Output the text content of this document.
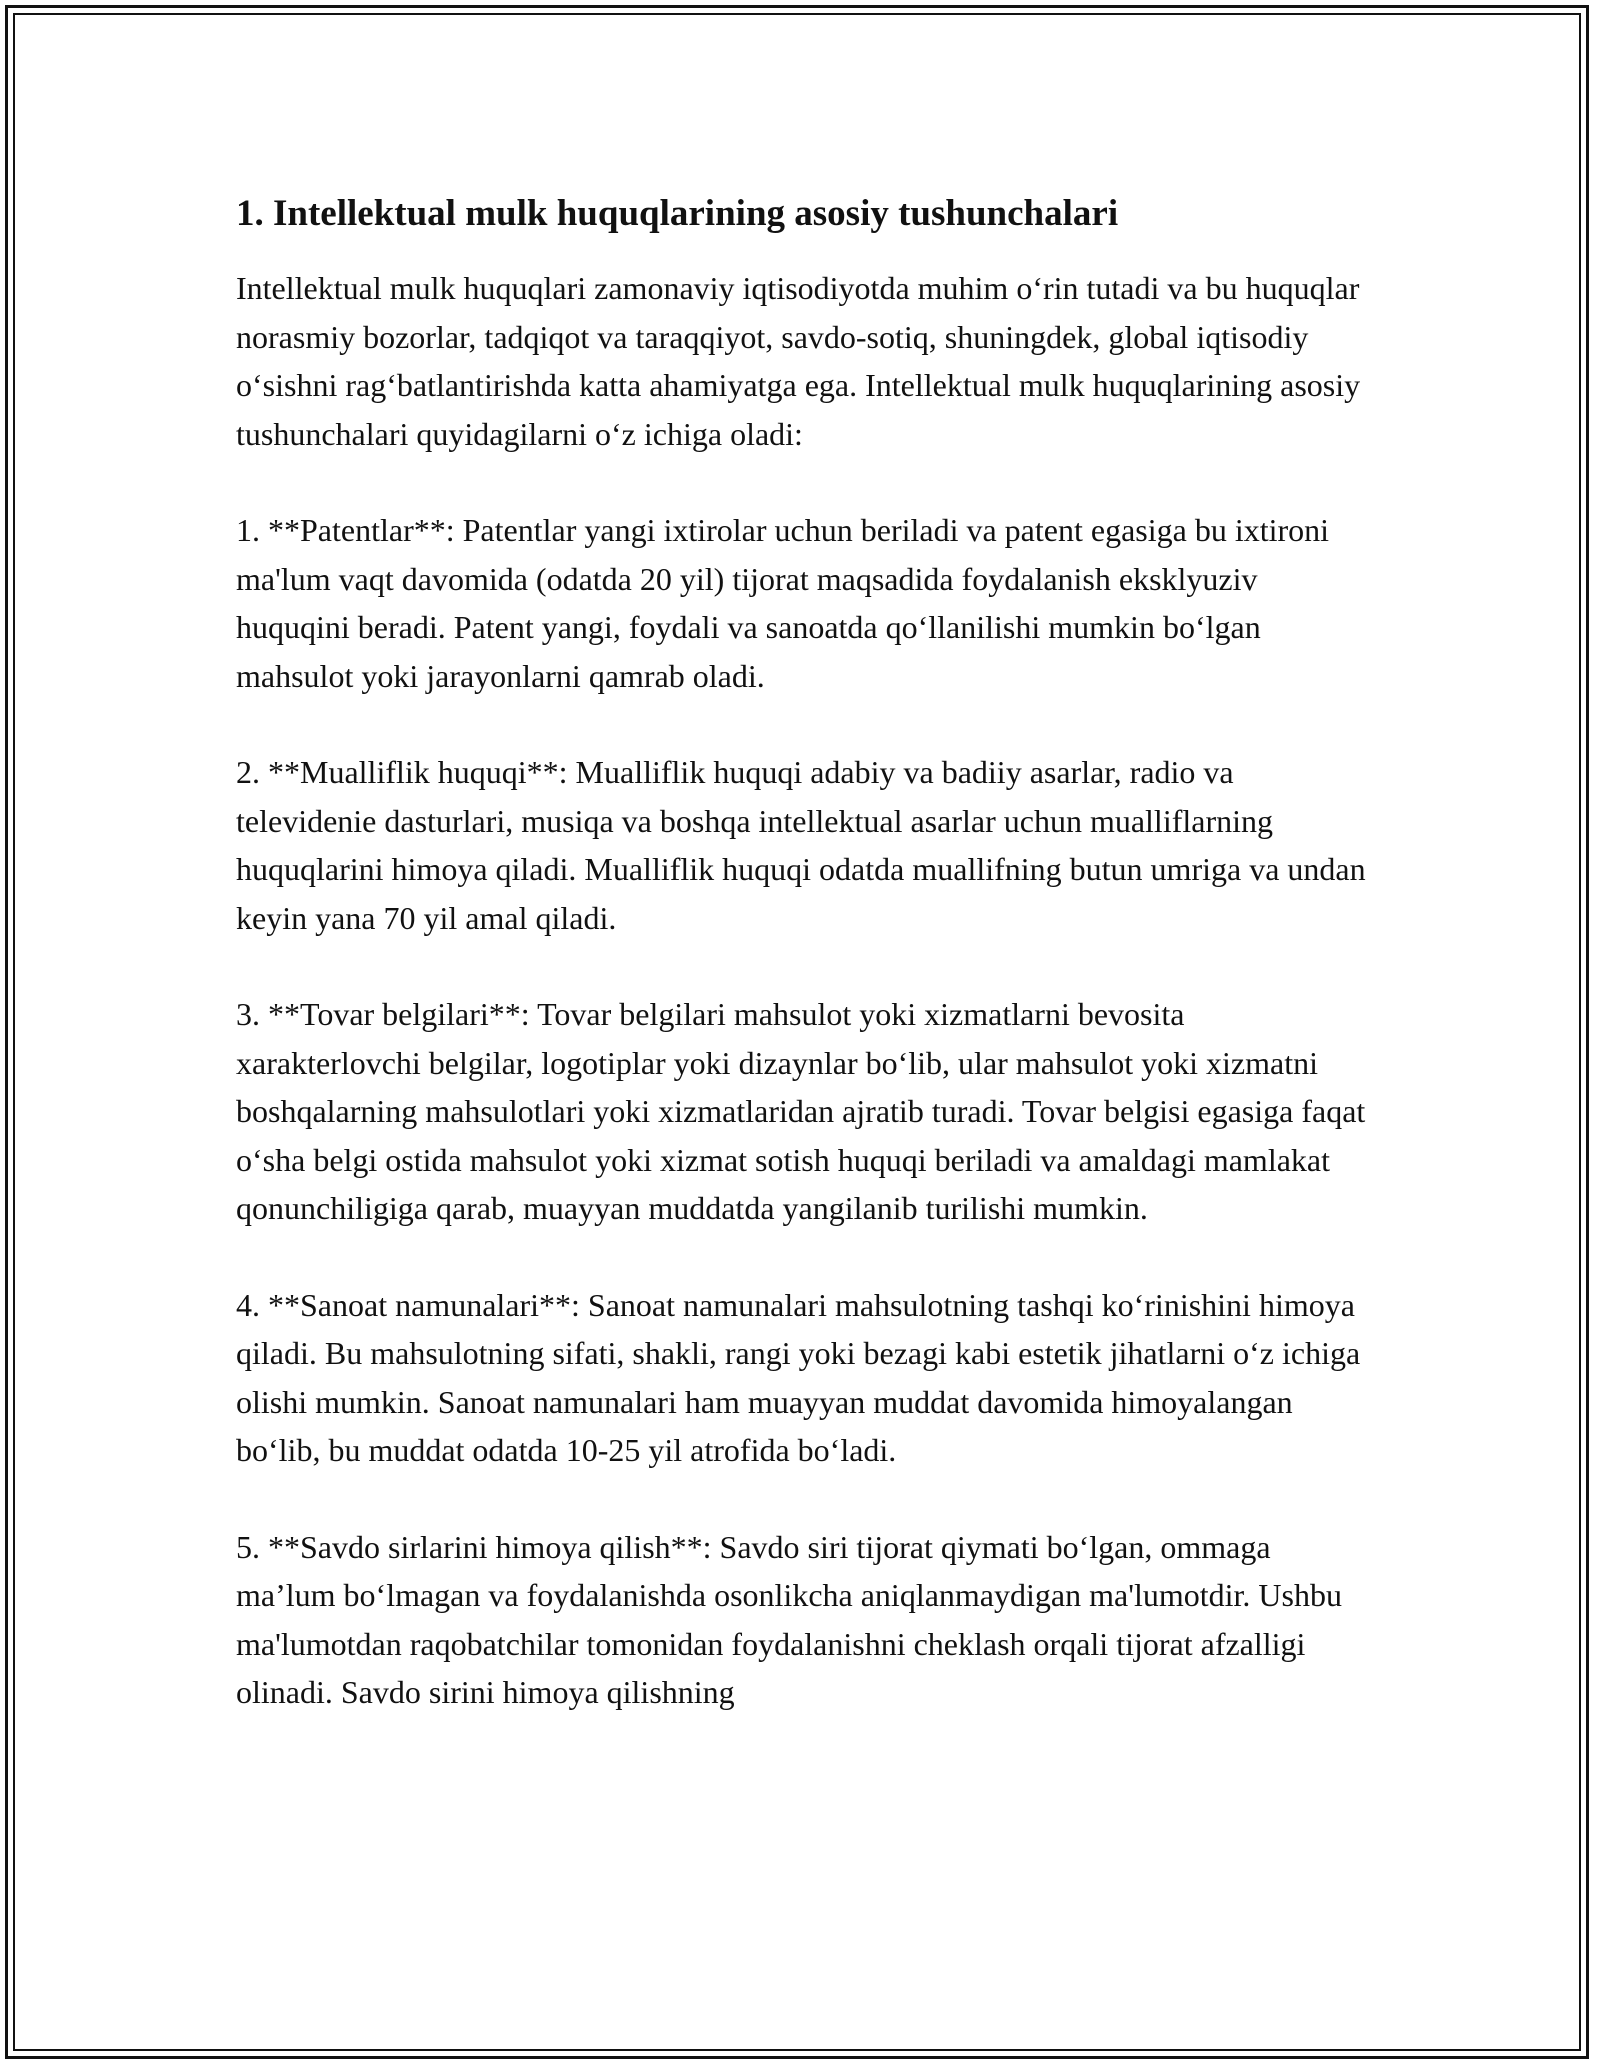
1. Intellektual mulk huquqlarining asosiy tushunchalari

Intellektual mulk huquqlari zamonaviy iqtisodiyotda muhim o‘rin tutadi va bu huquqlar norasmiy bozorlar, tadqiqot va taraqqiyot, savdo-sotiq, shuningdek, global iqtisodiy o‘sishni rag‘batlantirishda katta ahamiyatga ega. Intellektual mulk huquqlarining asosiy tushunchalari quyidagilarni o‘z ichiga oladi:

1. **Patentlar**: Patentlar yangi ixtirolar uchun beriladi va patent egasiga bu ixtironi ma'lum vaqt davomida (odatda 20 yil) tijorat maqsadida foydalanish eksklyuziv huquqini beradi. Patent yangi, foydali va sanoatda qo‘llanilishi mumkin bo‘lgan mahsulot yoki jarayonlarni qamrab oladi.

2. **Mualliflik huquqi**: Mualliflik huquqi adabiy va badiiy asarlar, radio va televidenie dasturlari, musiqa va boshqa intellektual asarlar uchun mualliflarning huquqlarini himoya qiladi. Mualliflik huquqi odatda muallifning butun umriga va undan keyin yana 70 yil amal qiladi.

3. **Tovar belgilari**: Tovar belgilari mahsulot yoki xizmatlarni bevosita xarakterlovchi belgilar, logotiplar yoki dizaynlar bo‘lib, ular mahsulot yoki xizmatni boshqalarning mahsulotlari yoki xizmatlaridan ajratib turadi. Tovar belgisi egasiga faqat o‘sha belgi ostida mahsulot yoki xizmat sotish huquqi beriladi va amaldagi mamlakat qonunchiligiga qarab, muayyan muddatda yangilanib turilishi mumkin.

4. **Sanoat namunalari**: Sanoat namunalari mahsulotning tashqi ko‘rinishini himoya qiladi. Bu mahsulotning sifati, shakli, rangi yoki bezagi kabi estetik jihatlarni o‘z ichiga olishi mumkin. Sanoat namunalari ham muayyan muddat davomida himoyalangan bo‘lib, bu muddat odatda 10-25 yil atrofida bo‘ladi.

5. **Savdo sirlarini himoya qilish**: Savdo siri tijorat qiymati bo‘lgan, ommaga ma’lum bo‘lmagan va foydalanishda osonlikcha aniqlanmaydigan ma'lumotdir. Ushbu ma'lumotdan raqobatchilar tomonidan foydalanishni cheklash orqali tijorat afzalligi olinadi. Savdo sirini himoya qilishning
